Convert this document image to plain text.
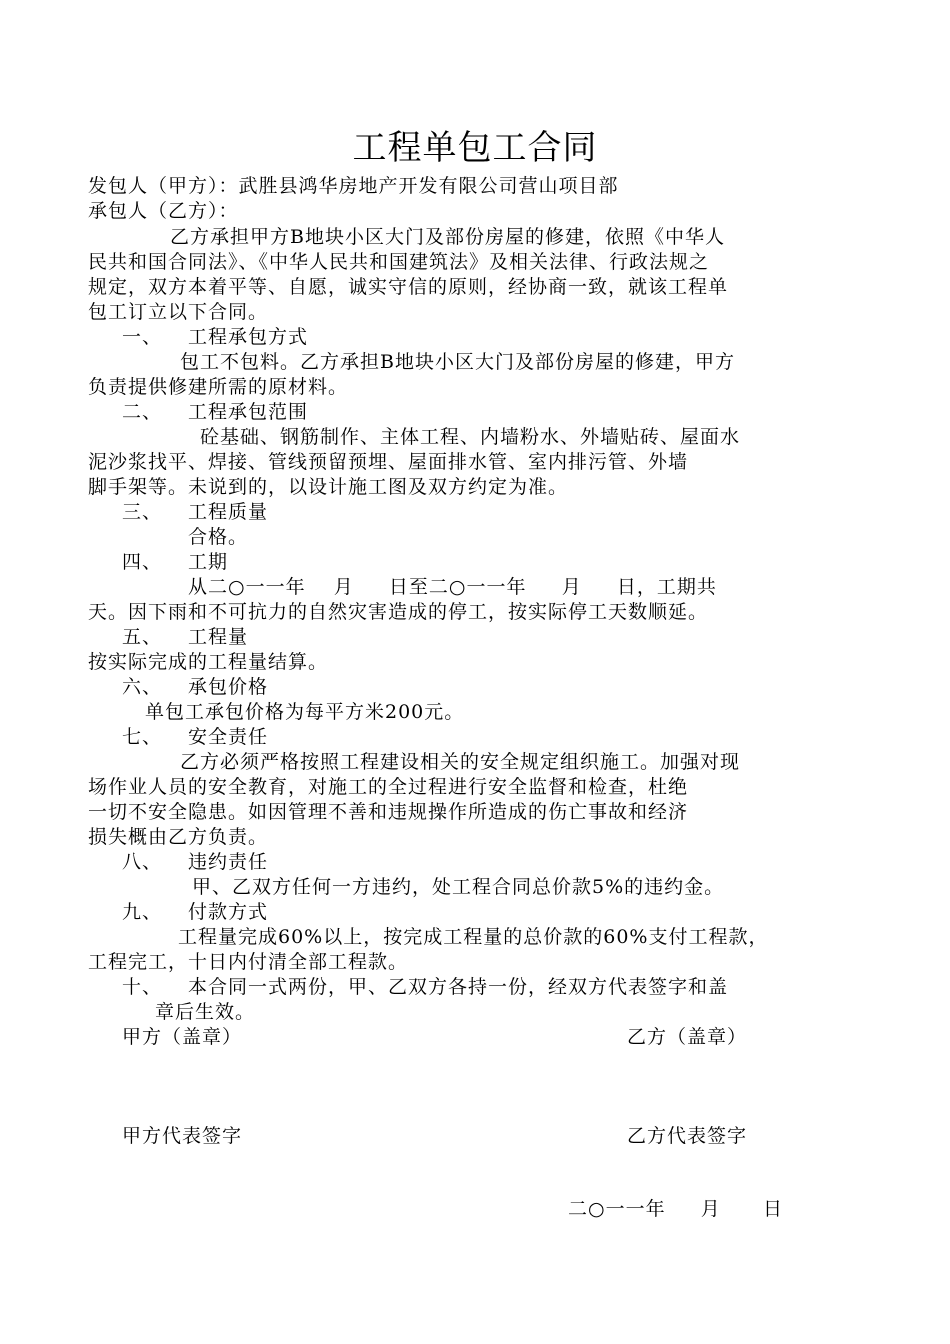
工程单包工合同
发包人（甲方）：武胜县鸿华房地产开发有限公司营山项目部
承包人（乙方）：
乙方承担甲方B地块小区大门及部份房屋的修建，依照《中华人
民共和国合同法》、《中华人民共和国建筑法》及相关法律、行政法规之
规定，双方本着平等、自愿，诚实守信的原则，经协商一致，就该工程单
包工订立以下合同。
一、 工程承包方式
包工不包料。乙方承担B地块小区大门及部份房屋的修建，甲方
负责提供修建所需的原材料。
二、 工程承包范围
砼基础、钢筋制作、主体工程、内墙粉水、外墙贴砖、屋面水
泥沙浆找平、焊接、管线预留预埋、屋面排水管、室内排污管、外墙
脚手架等。未说到的，以设计施工图及双方约定为准。
三、 工程质量
合格。
四、 工期
从二○一一年    月     日至二○一一年     月     日，工期共
天。因下雨和不可抗力的自然灾害造成的停工，按实际停工天数顺延。
五、 工程量
按实际完成的工程量结算。
六、 承包价格
单包工承包价格为每平方米200元。
七、 安全责任
乙方必须严格按照工程建设相关的安全规定组织施工。加强对现
场作业人员的安全教育，对施工的全过程进行安全监督和检查，杜绝
一切不安全隐患。如因管理不善和违规操作所造成的伤亡事故和经济
损失概由乙方负责。
八、 违约责任
甲、乙双方任何一方违约，处工程合同总价款5%的违约金。
九、 付款方式
工程量完成60%以上，按完成工程量的总价款的60%支付工程款，
工程完工，十日内付清全部工程款。
十、 本合同一式两份，甲、乙双方各持一份，经双方代表签字和盖
章后生效。
甲方（盖章）	乙方（盖章）
甲方代表签字	乙方代表签字
二○一一年     月      日
